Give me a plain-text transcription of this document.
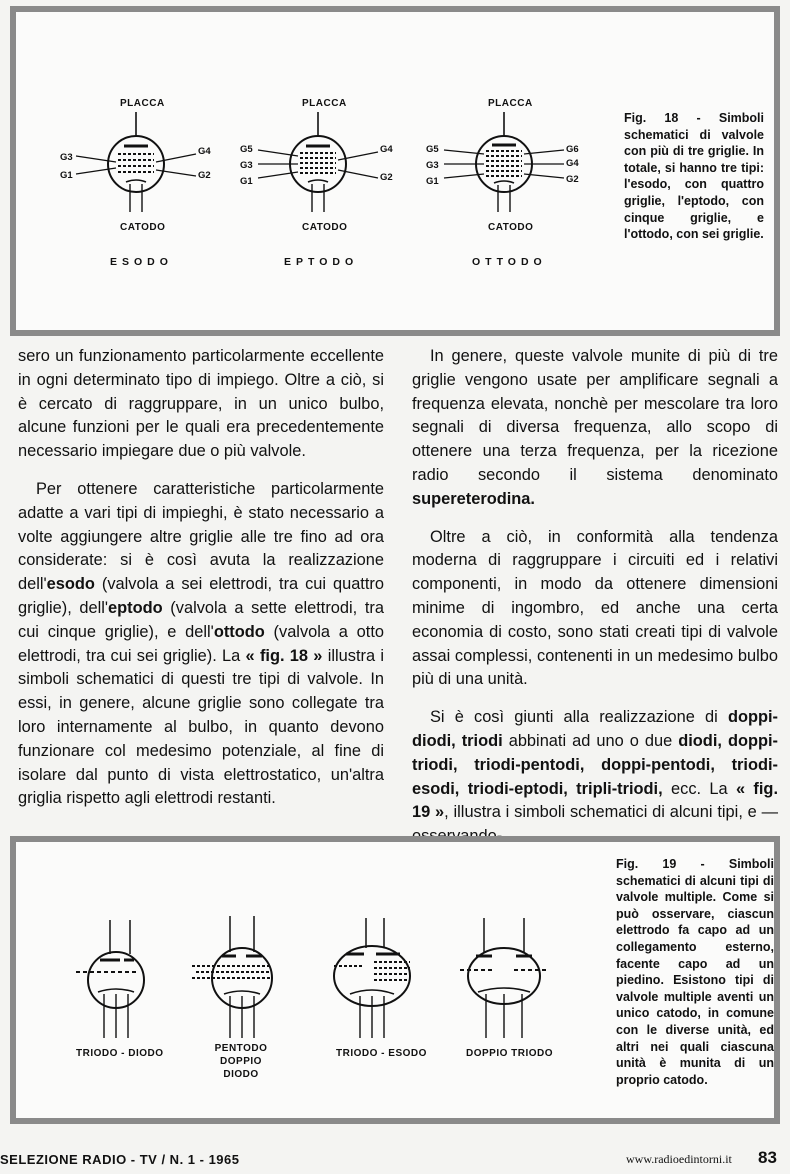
PLACCA
G3
G1
G4
G2
CATODO
ESODO
PLACCA
G5
G3
G1
G4
G2
CATODO
EPTODO
PLACCA
G5
G3
G1
G6
G4
G2
CATODO
OTTODO
Fig. 18 - Simboli schematici di valvole con più di tre griglie. In totale, si hanno tre tipi: l'esodo, con quattro griglie, l'eptodo, con cinque griglie, e l'ottodo, con sei griglie.

sero un funzionamento particolarmente eccellente in ogni determinato tipo di impiego. Oltre a ciò, si è cercato di raggruppare, in un unico bulbo, alcune funzioni per le quali era precedentemente necessario impiegare due o più valvole.

Per ottenere caratteristiche particolarmente adatte a vari tipi di impieghi, è stato necessario a volte aggiungere altre griglie alle tre fino ad ora considerate: si è così avuta la realizzazione dell'esodo (valvola a sei elettrodi, tra cui quattro griglie), dell'eptodo (valvola a sette elettrodi, tra cui cinque griglie), e dell'ottodo (valvola a otto elettrodi, tra cui sei griglie). La « fig. 18 » illustra i simboli schematici di questi tre tipi di valvole. In essi, in genere, alcune griglie sono collegate tra loro internamente al bulbo, in quanto devono funzionare col medesimo potenziale, al fine di isolare dal punto di vista elettrostatico, un'altra griglia rispetto agli elettrodi restanti.

In genere, queste valvole munite di più di tre griglie vengono usate per amplificare segnali a frequenza elevata, nonchè per mescolare tra loro segnali di diversa frequenza, allo scopo di ottenere una terza frequenza, per la ricezione radio secondo il sistema denominato supereterodina.

Oltre a ciò, in conformità alla tendenza moderna di raggruppare i circuiti ed i relativi componenti, in modo da ottenere dimensioni minime di ingombro, ed anche una certa economia di costo, sono stati creati tipi di valvole assai complessi, contenenti in un medesimo bulbo più di una unità.

Si è così giunti alla realizzazione di doppi-diodi, triodi abbinati ad uno o due diodi, doppi-triodi, triodi-pentodi, doppi-pentodi, triodi-esodi, triodi-eptodi, tripli-triodi, ecc. La « fig. 19 », illustra i simboli schematici di alcuni tipi, e —

TRIODO - DIODO	PENTODO DOPPIO DIODO
TRIODO - ESODO	DOPPIO TRIODO
Fig. 19 - Simboli schematici di alcuni tipi di valvole multiple. Come si può osservare, ciascun elettrodo fa capo ad un collegamento esterno, facente capo ad un piedino. Esistono tipi di valvole multiple aventi un unico catodo, in comune con le diverse unità, ed altri nei quali ciascuna unità è munita di un proprio catodo.
SELEZIONE RADIO - TV / N. 1 - 1965	www.radioedintorni.it 83
